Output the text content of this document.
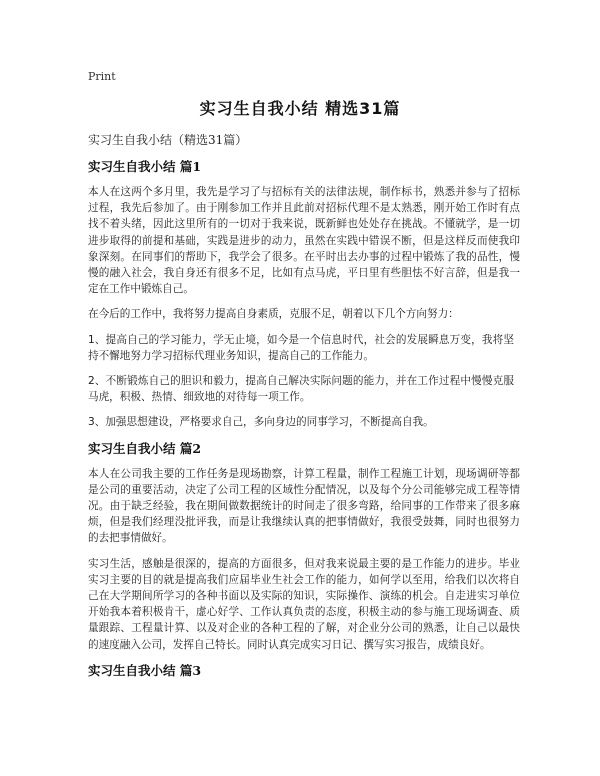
Print
实习生自我小结 精选31篇
实习生自我小结（精选31篇）
实习生自我小结 篇1

本人在这两个多月里，我先是学习了与招标有关的法律法规，制作标书，熟悉并参与了招标过程，我先后参加了。由于刚参加工作并且此前对招标代理不是太熟悉，刚开始工作时有点找不着头绪，因此这里所有的一切对于我来说，既新鲜也处处存在挑战。不懂就学，是一切进步取得的前提和基础，实践是进步的动力，虽然在实践中错误不断，但是这样反而使我印象深刻。在同事们的帮助下，我学会了很多。在平时出去办事的过程中锻炼了我的品性，慢慢的融入社会，我自身还有很多不足，比如有点马虎，平日里有些胆怯不好言辞，但是我一定在工作中锻炼自己。

在今后的工作中，我将努力提高自身素质，克服不足，朝着以下几个方向努力：

1、提高自己的学习能力，学无止境，如今是一个信息时代，社会的发展瞬息万变，我将坚持不懈地努力学习招标代理业务知识，提高自己的工作能力。

2、不断锻炼自己的胆识和毅力，提高自己解决实际问题的能力，并在工作过程中慢慢克服马虎，积极、热情、细致地的对待每一项工作。

3、加强思想建设，严格要求自己，多向身边的同事学习，不断提高自我。

实习生自我小结 篇2

本人在公司我主要的工作任务是现场勘察，计算工程量，制作工程施工计划，现场调研等都是公司的重要活动，决定了公司工程的区域性分配情况，以及每个分公司能够完成工程等情况。由于缺乏经验，我在期间做数据统计的时间走了很多弯路，给同事的工作带来了很多麻烦，但是我们经理没批评我，而是让我继续认真的把事情做好，我很受鼓舞，同时也很努力的去把事情做好。

实习生活，感触是很深的，提高的方面很多，但对我来说最主要的是工作能力的进步。毕业实习主要的目的就是提高我们应届毕业生社会工作的能力，如何学以至用，给我们以次将自己在大学期间所学习的各种书面以及实际的知识，实际操作、演练的机会。自走进实习单位开始我本着积极肯干，虚心好学、工作认真负责的态度，积极主动的参与施工现场调查、质量跟踪、工程量计算、以及对企业的各种工程的了解，对企业分公司的熟悉，让自己以最快的速度融入公司，发挥自己特长。同时认真完成实习日记、撰写实习报告，成绩良好。

实习生自我小结 篇3
